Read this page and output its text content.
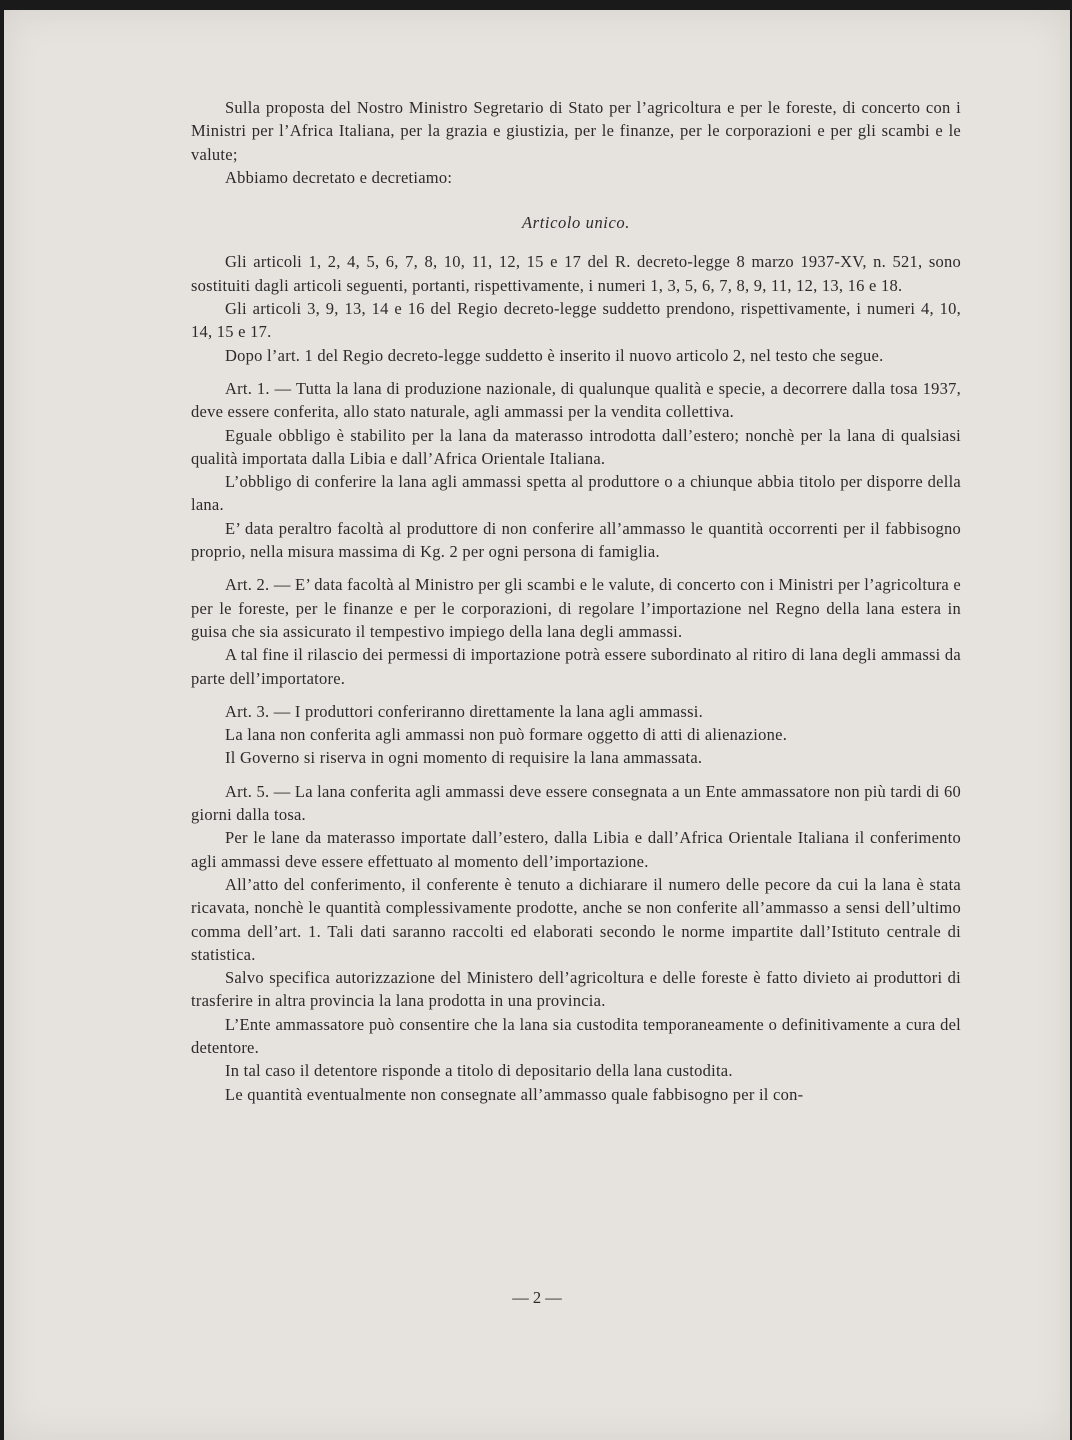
Sulla proposta del Nostro Ministro Segretario di Stato per l’agricoltura e per le foreste, di concerto con i Ministri per l’Africa Italiana, per la grazia e giustizia, per le finanze, per le corporazioni e per gli scambi e le valute;

Abbiamo decretato e decretiamo:

Articolo unico.

Gli articoli 1, 2, 4, 5, 6, 7, 8, 10, 11, 12, 15 e 17 del R. decreto-legge 8 marzo 1937-XV, n. 521, sono sostituiti dagli articoli seguenti, portanti, rispettivamente, i numeri 1, 3, 5, 6, 7, 8, 9, 11, 12, 13, 16 e 18.

Gli articoli 3, 9, 13, 14 e 16 del Regio decreto-legge suddetto prendono, rispettivamente, i numeri 4, 10, 14, 15 e 17.

Dopo l’art. 1 del Regio decreto-legge suddetto è inserito il nuovo articolo 2, nel testo che segue.

Art. 1. — Tutta la lana di produzione nazionale, di qualunque qualità e specie, a decorrere dalla tosa 1937, deve essere conferita, allo stato naturale, agli ammassi per la vendita collettiva.

Eguale obbligo è stabilito per la lana da materasso introdotta dall’estero; nonchè per la lana di qualsiasi qualità importata dalla Libia e dall’Africa Orientale Italiana.

L’obbligo di conferire la lana agli ammassi spetta al produttore o a chiunque abbia titolo per disporre della lana.

E’ data peraltro facoltà al produttore di non conferire all’ammasso le quantità occorrenti per il fabbisogno proprio, nella misura massima di Kg. 2 per ogni persona di famiglia.

Art. 2. — E’ data facoltà al Ministro per gli scambi e le valute, di concerto con i Ministri per l’agricoltura e per le foreste, per le finanze e per le corporazioni, di regolare l’importazione nel Regno della lana estera in guisa che sia assicurato il tempestivo impiego della lana degli ammassi.

A tal fine il rilascio dei permessi di importazione potrà essere subordinato al ritiro di lana degli ammassi da parte dell’importatore.

Art. 3. — I produttori conferiranno direttamente la lana agli ammassi.

La lana non conferita agli ammassi non può formare oggetto di atti di alienazione.

Il Governo si riserva in ogni momento di requisire la lana ammassata.

Art. 5. — La lana conferita agli ammassi deve essere consegnata a un Ente ammassatore non più tardi di 60 giorni dalla tosa.

Per le lane da materasso importate dall’estero, dalla Libia e dall’Africa Orientale Italiana il conferimento agli ammassi deve essere effettuato al momento dell’importazione.

All’atto del conferimento, il conferente è tenuto a dichiarare il numero delle pecore da cui la lana è stata ricavata, nonchè le quantità complessivamente prodotte, anche se non conferite all’ammasso a sensi dell’ultimo comma dell’art. 1. Tali dati saranno raccolti ed elaborati secondo le norme impartite dall’Istituto centrale di statistica.

Salvo specifica autorizzazione del Ministero dell’agricoltura e delle foreste è fatto divieto ai produttori di trasferire in altra provincia la lana prodotta in una provincia.

L’Ente ammassatore può consentire che la lana sia custodita temporaneamente o definitivamente a cura del detentore.

In tal caso il detentore risponde a titolo di depositario della lana custodita.

Le quantità eventualmente non consegnate all’ammasso quale fabbisogno per il con-

— 2 —
